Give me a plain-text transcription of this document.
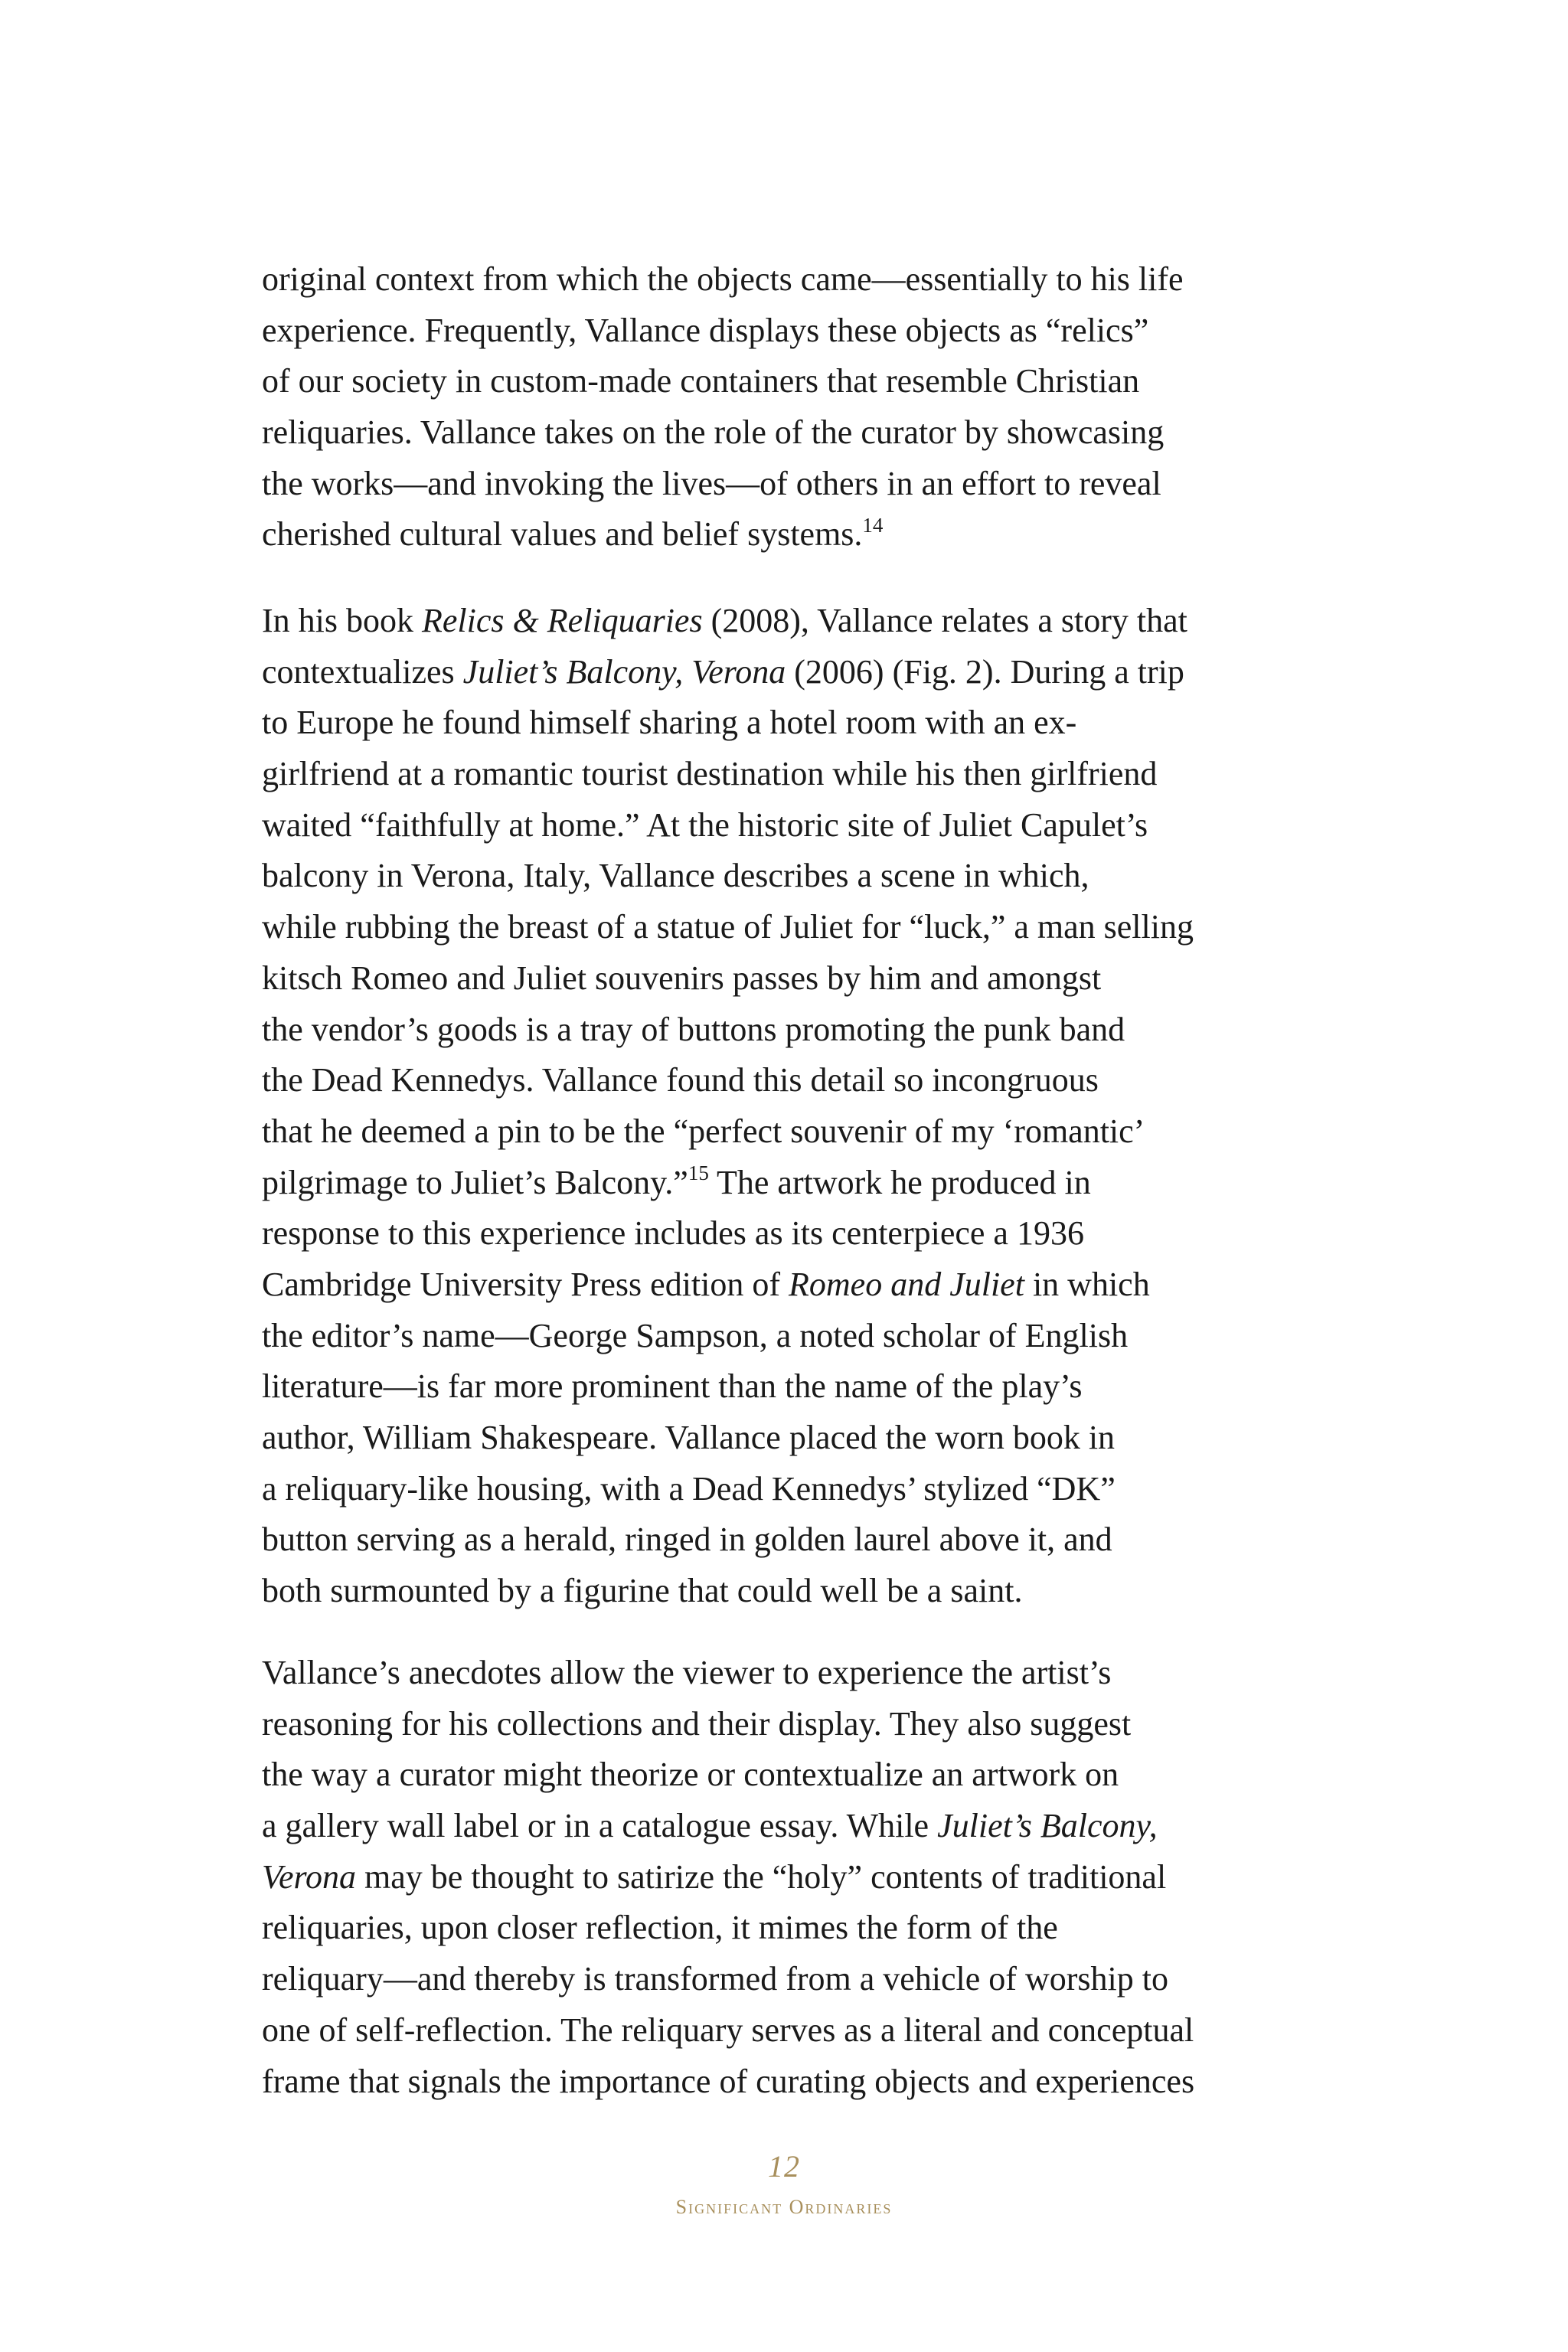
original context from which the objects came—essentially to his life
experience. Frequently, Vallance displays these objects as “relics”
of our society in custom-made containers that resemble Christian
reliquaries. Vallance takes on the role of the curator by showcasing
the works—and invoking the lives—of others in an effort to reveal
cherished cultural values and belief systems.$^{14}$
In his book Relics & Reliquaries (2008), Vallance relates a story that
contextualizes Juliet’s Balcony, Verona (2006) (Fig. 2). During a trip
to Europe he found himself sharing a hotel room with an ex-
girlfriend at a romantic tourist destination while his then girlfriend
waited “faithfully at home.” At the historic site of Juliet Capulet’s
balcony in Verona, Italy, Vallance describes a scene in which,
while rubbing the breast of a statue of Juliet for “luck,” a man selling
kitsch Romeo and Juliet souvenirs passes by him and amongst
the vendor’s goods is a tray of buttons promoting the punk band
the Dead Kennedys. Vallance found this detail so incongruous
that he deemed a pin to be the “perfect souvenir of my ‘romantic’
pilgrimage to Juliet’s Balcony.”$^{15}$ The artwork he produced in
response to this experience includes as its centerpiece a 1936
Cambridge University Press edition of Romeo and Juliet in which
the editor’s name—George Sampson, a noted scholar of English
literature—is far more prominent than the name of the play’s
author, William Shakespeare. Vallance placed the worn book in
a reliquary-like housing, with a Dead Kennedys’ stylized “DK”
button serving as a herald, ringed in golden laurel above it, and
both surmounted by a figurine that could well be a saint.
Vallance’s anecdotes allow the viewer to experience the artist’s
reasoning for his collections and their display. They also suggest
the way a curator might theorize or contextualize an artwork on
a gallery wall label or in a catalogue essay. While Juliet’s Balcony,
Verona may be thought to satirize the “holy” contents of traditional
reliquaries, upon closer reflection, it mimes the form of the
reliquary—and thereby is transformed from a vehicle of worship to
one of self-reflection. The reliquary serves as a literal and conceptual
frame that signals the importance of curating objects and experiences
12
Significant Ordinaries
